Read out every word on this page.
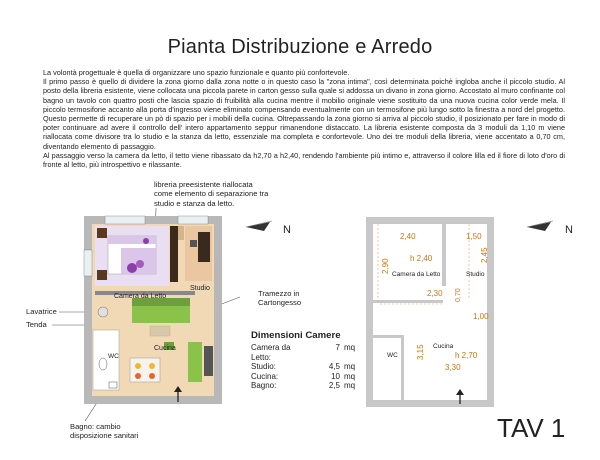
Pianta Distribuzione e Arredo

La volontà progettuale è quella di organizzare uno spazio funzionale e quanto più confortevole.

Il primo passo è quello di dividere la zona giorno dalla zona notte o in questo caso la "zona intima", così determinata poichè ingloba anche il piccolo studio. Al posto della libreria esistente, viene collocata una piccola parete in carton gesso sulla quale si addossa un divano in zona giorno. Accostato al muro confinante col bagno un tavolo con quattro posti che lascia spazio di fruibilità alla cucina mentre il mobilio originale viene sostituito da una nuova cucina color verde mela. Il piccolo termosifone accanto alla porta d'ingresso viene eliminato compensando eventualmente con un termosifone più lungo sotto la finestra a nord del progetto. Questo permette di recuperare un pò di spazio per i mobili della cucina. Oltrepassando la zona giorno si arriva al piccolo studio, il posizionato per fare in modo di poter continuare ad avere il controllo dell' intero appartamento seppur rimanendone distaccato. La libreria esistente composta da 3 moduli da 1,10 m viene riallocata come divisore tra lo studio e la stanza da letto, essenziale ma completa e confortevole. Uno dei tre moduli della libreria, viene accentato a 0,70 cm, diventando elemento di passaggio.

Al passaggio verso la camera da letto, il tetto viene ribassato da h2,70 a h2,40, rendendo l'ambiente più intimo e, attraverso il colore lilla ed il fiore di loto d'oro di fronte al letto, più introspettivo e rilassante.

libreria preesistente riallocata come elemento di separazione tra studio e stanza da letto.
Tramezzo in Cartongesso
Lavatrice
Tenda
Bagno: cambio disposizione sanitari
N
Camera da Letto
Studio
WC
Cucina
2,40	1,50
h 2,40
2,90
2,45
2,30 0,70
1,00
3,15	h 2,70
3,30
Camera da Letto	Studio
WC
Cucina
N
Dimensioni Camere
Camera da Letto:
7 mq
Studio:	4,5 mq
Cucina:	10 mq
Bagno:	2,5 mq
TAV 1
